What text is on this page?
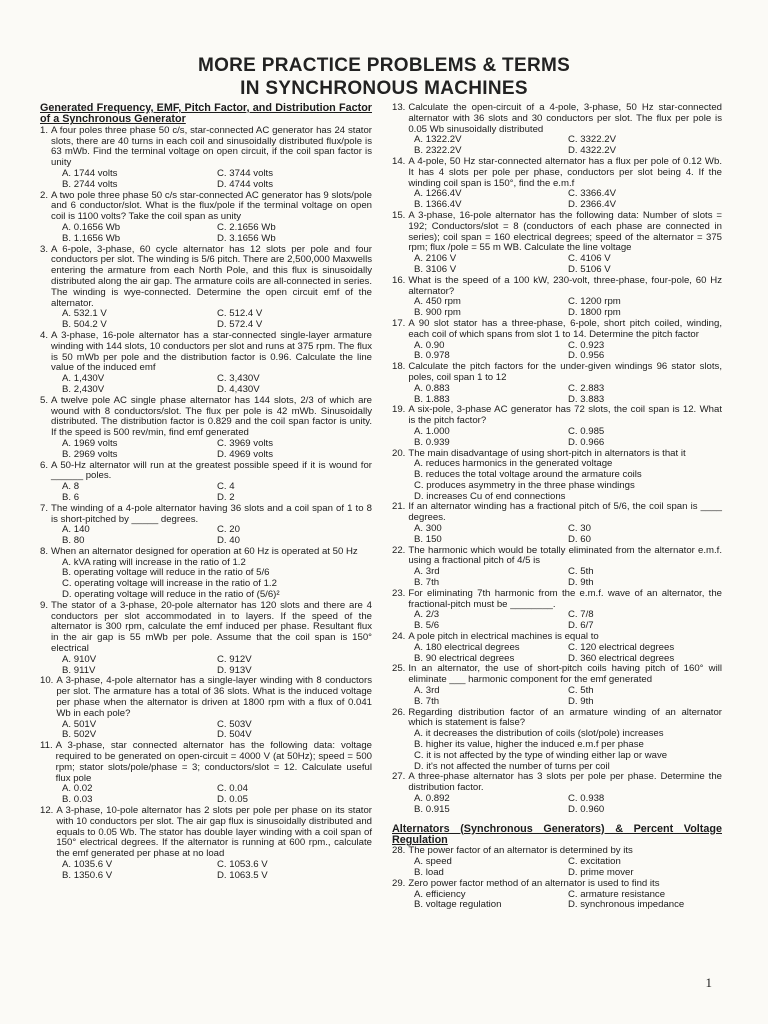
MORE PRACTICE PROBLEMS & TERMS
IN SYNCHRONOUS MACHINES
Generated Frequency, EMF, Pitch Factor, and Distribution Factor of a Synchronous Generator
1. A four poles three phase 50 c/s, star-connected AC generator has 24 stator slots, there are 40 turns in each coil and sinusoidally distributed flux/pole is 63 mWb. Find the terminal voltage on open circuit, if the coil span factor is unity
A. 1744 volts	C. 3744 volts
B. 2744 volts	D. 4744 volts
2. A two pole three phase 50 c/s star-connected AC generator has 9 slots/pole and 6 conductor/slot. What is the flux/pole if the terminal voltage on open coil is 1100 volts? Take the coil span as unity
A. 0.1656 Wb	C. 2.1656 Wb
B. 1.1656 Wb	D. 3.1656 Wb
3. A 6-pole, 3-phase, 60 cycle alternator has 12 slots per pole and four conductors per slot. The winding is 5/6 pitch. There are 2,500,000 Maxwells entering the armature from each North Pole, and this flux is sinusoidally distributed along the air gap. The armature coils are all-connected in series. The winding is wye-connected. Determine the open circuit emf of the alternator.
A. 532.1 V	C. 512.4 V
B. 504.2 V	D. 572.4 V
4. A 3-phase, 16-pole alternator has a star-connected single-layer armature winding with 144 slots, 10 conductors per slot and runs at 375 rpm. The flux is 50 mWb per pole and the distribution factor is 0.96. Calculate the line value of the induced emf
A. 1,430V	C. 3,430V
B. 2,430V	D. 4,430V
5. A twelve pole AC single phase alternator has 144 slots, 2/3 of which are wound with 8 conductors/slot. The flux per pole is 42 mWb. Sinusoidally distributed. The distribution factor is 0.829 and the coil span factor is unity. If the speed is 500 rev/min, find emf generated
A. 1969 volts	C. 3969 volts
B. 2969 volts	D. 4969 volts
6. A 50-Hz alternator will run at the greatest possible speed if it is wound for ______ poles.
A. 8	C. 4
B. 6	D. 2
7. The winding of a 4-pole alternator having 36 slots and a coil span of 1 to 8 is short-pitched by _____ degrees.
A. 140	C. 20
B. 80	D. 40
8. When an alternator designed for operation at 60 Hz is operated at 50 Hz
A. kVA rating will increase in the ratio of 1.2
B. operating voltage will reduce in the ratio of 5/6
C. operating voltage will increase in the ratio of 1.2
D. operating voltage will reduce in the ratio of (5/6)²
9. The stator of a 3-phase, 20-pole alternator has 120 slots and there are 4 conductors per slot accommodated in to layers. If the speed of the alternator is 300 rpm, calculate the emf induced per phase. Resultant flux in the air gap is 55 mWb per pole. Assume that the coil span is 150° electrical
A. 910V	C. 912V
B. 911V	D. 913V
10. A 3-phase, 4-pole alternator has a single-layer winding with 8 conductors per slot. The armature has a total of 36 slots. What is the induced voltage per phase when the alternator is driven at 1800 rpm with a flux of 0.041 Wb in each pole?
A. 501V	C. 503V
B. 502V	D. 504V
11. A 3-phase, star connected alternator has the following data: voltage required to be generated on open-circuit = 4000 V (at 50Hz); speed = 500 rpm; stator slots/pole/phase = 3; conductors/slot = 12. Calculate useful flux pole
A. 0.02	C. 0.04
B. 0.03	D. 0.05
12. A 3-phase, 10-pole alternator has 2 slots per pole per phase on its stator with 10 conductors per slot. The air gap flux is sinusoidally distributed and equals to 0.05 Wb. The stator has double layer winding with a coil span of 150° electrical degrees. If the alternator is running at 600 rpm., calculate the emf generated per phase at no load
A. 1035.6 V	C. 1053.6 V
B. 1350.6 V	D. 1063.5 V
13. Calculate the open-circuit of a 4-pole, 3-phase, 50 Hz star-connected alternator with 36 slots and 30 conductors per slot. The flux per pole is 0.05 Wb sinusoidally distributed
A. 1322.2V	C. 3322.2V
B. 2322.2V	D. 4322.2V
14. A 4-pole, 50 Hz star-connected alternator has a flux per pole of 0.12 Wb. It has 4 slots per pole per phase, conductors per slot being 4. If the winding coil span is 150°, find the e.m.f
A. 1266.4V	C. 3366.4V
B. 1366.4V	D. 2366.4V
15. A 3-phase, 16-pole alternator has the following data: Number of slots = 192; Conductors/slot = 8 (conductors of each phase are connected in series); coil span = 160 electrical degrees; speed of the alternator = 375 rpm; flux /pole = 55 m WB. Calculate the line voltage
A. 2106 V	C. 4106 V
B. 3106 V	D. 5106 V
16. What is the speed of a 100 kW, 230-volt, three-phase, four-pole, 60 Hz alternator?
A. 450 rpm	C. 1200 rpm
B. 900 rpm	D. 1800 rpm
17. A 90 slot stator has a three-phase, 6-pole, short pitch coiled, winding, each coil of which spans from slot 1 to 14. Determine the pitch factor
A. 0.90	C. 0.923
B. 0.978	D. 0.956
18. Calculate the pitch factors for the under-given windings 96 stator slots, poles, coil span 1 to 12
A. 0.883	C. 2.883
B. 1.883	D. 3.883
19. A six-pole, 3-phase AC generator has 72 slots, the coil span is 12. What is the pitch factor?
A. 1.000	C. 0.985
B. 0.939	D. 0.966
20. The main disadvantage of using short-pitch in alternators is that it
A. reduces harmonics in the generated voltage
B. reduces the total voltage around the armature coils
C. produces asymmetry in the three phase windings
D. increases Cu of end connections
21. If an alternator winding has a fractional pitch of 5/6, the coil span is ____ degrees.
A. 300	C. 30
B. 150	D. 60
22. The harmonic which would be totally eliminated from the alternator e.m.f. using a fractional pitch of 4/5 is
A. 3rd	C. 5th
B. 7th	D. 9th
23. For eliminating 7th harmonic from the e.m.f. wave of an alternator, the fractional-pitch must be ________.
A. 2/3	C. 7/8
B. 5/6	D. 6/7
24. A pole pitch in electrical machines is equal to
A. 180 electrical degrees	C. 120 electrical degrees
B. 90 electrical degrees	D. 360 electrical degrees
25. In an alternator, the use of short-pitch coils having pitch of 160° will eliminate ___ harmonic component for the emf generated
A. 3rd	C. 5th
B. 7th	D. 9th
26. Regarding distribution factor of an armature winding of an alternator which is statement is false?
A. it decreases the distribution of coils (slot/pole) increases
B. higher its value, higher the induced e.m.f per phase
C. it is not affected by the type of winding either lap or wave
D. it's not affected the number of turns per coil
27. A three-phase alternator has 3 slots per pole per phase. Determine the distribution factor.
A. 0.892	C. 0.938
B. 0.915	D. 0.960
Alternators (Synchronous Generators) & Percent Voltage Regulation
28. The power factor of an alternator is determined by its
A. speed	C. excitation
B. load	D. prime mover
29. Zero power factor method of an alternator is used to find its
A. efficiency	C. armature resistance
B. voltage regulation	D. synchronous impedance
1
